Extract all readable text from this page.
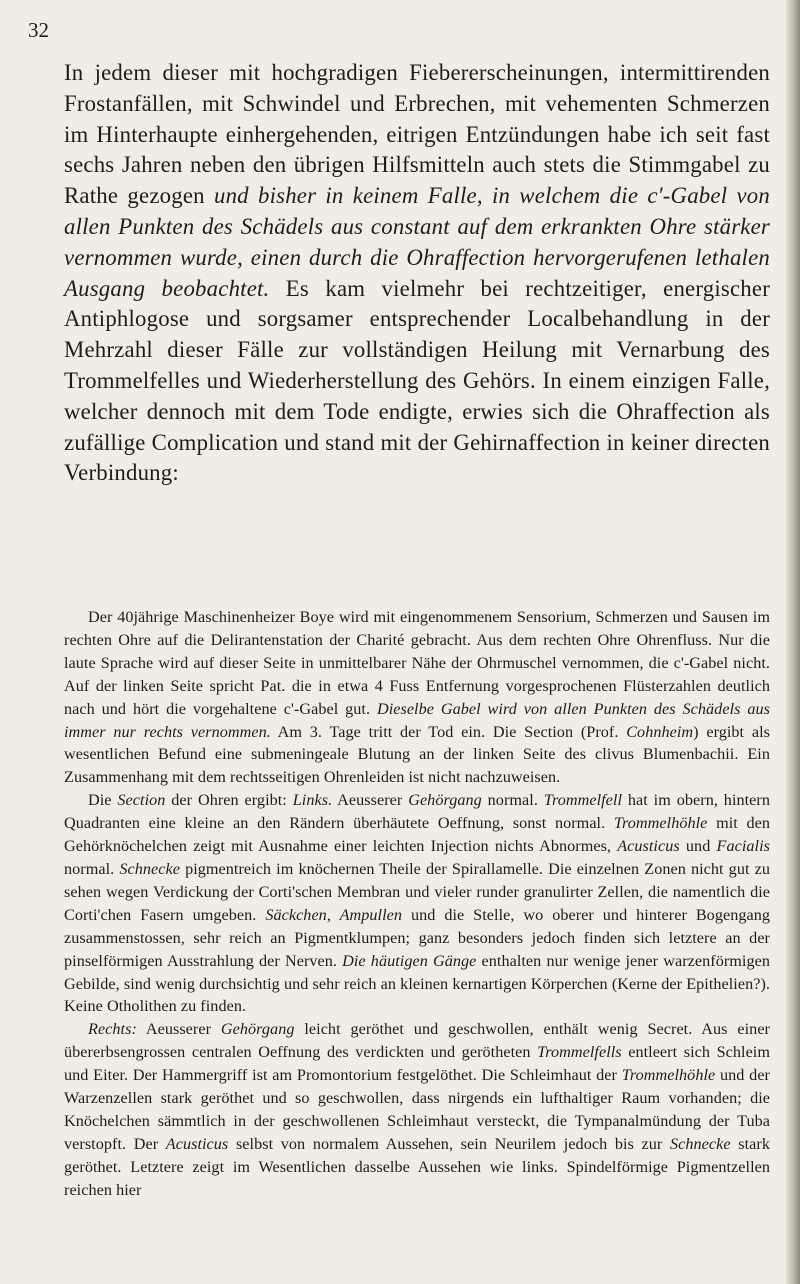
32

In jedem dieser mit hochgradigen Fiebererscheinungen, intermittirenden Frostanfällen, mit Schwindel und Erbrechen, mit vehementen Schmerzen im Hinterhaupte einhergehenden, eitrigen Entzündungen habe ich seit fast sechs Jahren neben den übrigen Hilfsmitteln auch stets die Stimmgabel zu Rathe gezogen und bisher in keinem Falle, in welchem die c'-Gabel von allen Punkten des Schädels aus constant auf dem erkrankten Ohre stärker vernommen wurde, einen durch die Ohraffection hervorgerufenen lethalen Ausgang beobachtet. Es kam vielmehr bei rechtzeitiger, energischer Antiphlogose und sorgsamer entsprechender Localbehandlung in der Mehrzahl dieser Fälle zur vollständigen Heilung mit Vernarbung des Trommelfelles und Wiederherstellung des Gehörs. In einem einzigen Falle, welcher dennoch mit dem Tode endigte, erwies sich die Ohraffection als zufällige Complication und stand mit der Gehirnaffection in keiner directen Verbindung:

Der 40jährige Maschinenheizer Boye wird mit eingenommenem Sensorium, Schmerzen und Sausen im rechten Ohre auf die Delirantenstation der Charité gebracht. Aus dem rechten Ohre Ohrenfluss. Nur die laute Sprache wird auf dieser Seite in unmittelbarer Nähe der Ohrmuschel vernommen, die c'-Gabel nicht. Auf der linken Seite spricht Pat. die in etwa 4 Fuss Entfernung vorgesprochenen Flüsterzahlen deutlich nach und hört die vorgehaltene c'-Gabel gut. Dieselbe Gabel wird von allen Punkten des Schädels aus immer nur rechts vernommen. Am 3. Tage tritt der Tod ein. Die Section (Prof. Cohnheim) ergibt als wesentlichen Befund eine submeningeale Blutung an der linken Seite des clivus Blumenbachii. Ein Zusammenhang mit dem rechtsseitigen Ohrenleiden ist nicht nachzuweisen.

Die Section der Ohren ergibt: Links. Aeusserer Gehörgang normal. Trommelfell hat im obern, hintern Quadranten eine kleine an den Rändern überhäutete Oeffnung, sonst normal. Trommelhöhle mit den Gehörknöchelchen zeigt mit Ausnahme einer leichten Injection nichts Abnormes, Acusticus und Facialis normal. Schnecke pigmentreich im knöchernen Theile der Spirallamelle. Die einzelnen Zonen nicht gut zu sehen wegen Verdickung der Corti'schen Membran und vieler runder granulirter Zellen, die namentlich die Corti'chen Fasern umgeben. Säckchen, Ampullen und die Stelle, wo oberer und hinterer Bogengang zusammenstossen, sehr reich an Pigmentklumpen; ganz besonders jedoch finden sich letztere an der pinselförmigen Ausstrahlung der Nerven. Die häutigen Gänge enthalten nur wenige jener warzenförmigen Gebilde, sind wenig durchsichtig und sehr reich an kleinen kernartigen Körperchen (Kerne der Epithelien?). Keine Otholithen zu finden.

Rechts: Aeusserer Gehörgang leicht geröthet und geschwollen, enthält wenig Secret. Aus einer übererbsengrossen centralen Oeffnung des verdickten und geröthеten Trommelfells entleert sich Schleim und Eiter. Der Hammergriff ist am Promontorium festgelöthet. Die Schleimhaut der Trommelhöhle und der Warzenzellen stark geröthet und so geschwollen, dass nirgends ein lufthaltiger Raum vorhanden; die Knöchelchen sämmtlich in der geschwollenen Schleimhaut versteckt, die Tympanalmündung der Tuba verstopft. Der Acusticus selbst von normalem Aussehen, sein Neurilem jedoch bis zur Schnecke stark geröthet. Letztere zeigt im Wesentlichen dasselbe Aussehen wie links. Spindelförmige Pigmentzellen reichen hier
